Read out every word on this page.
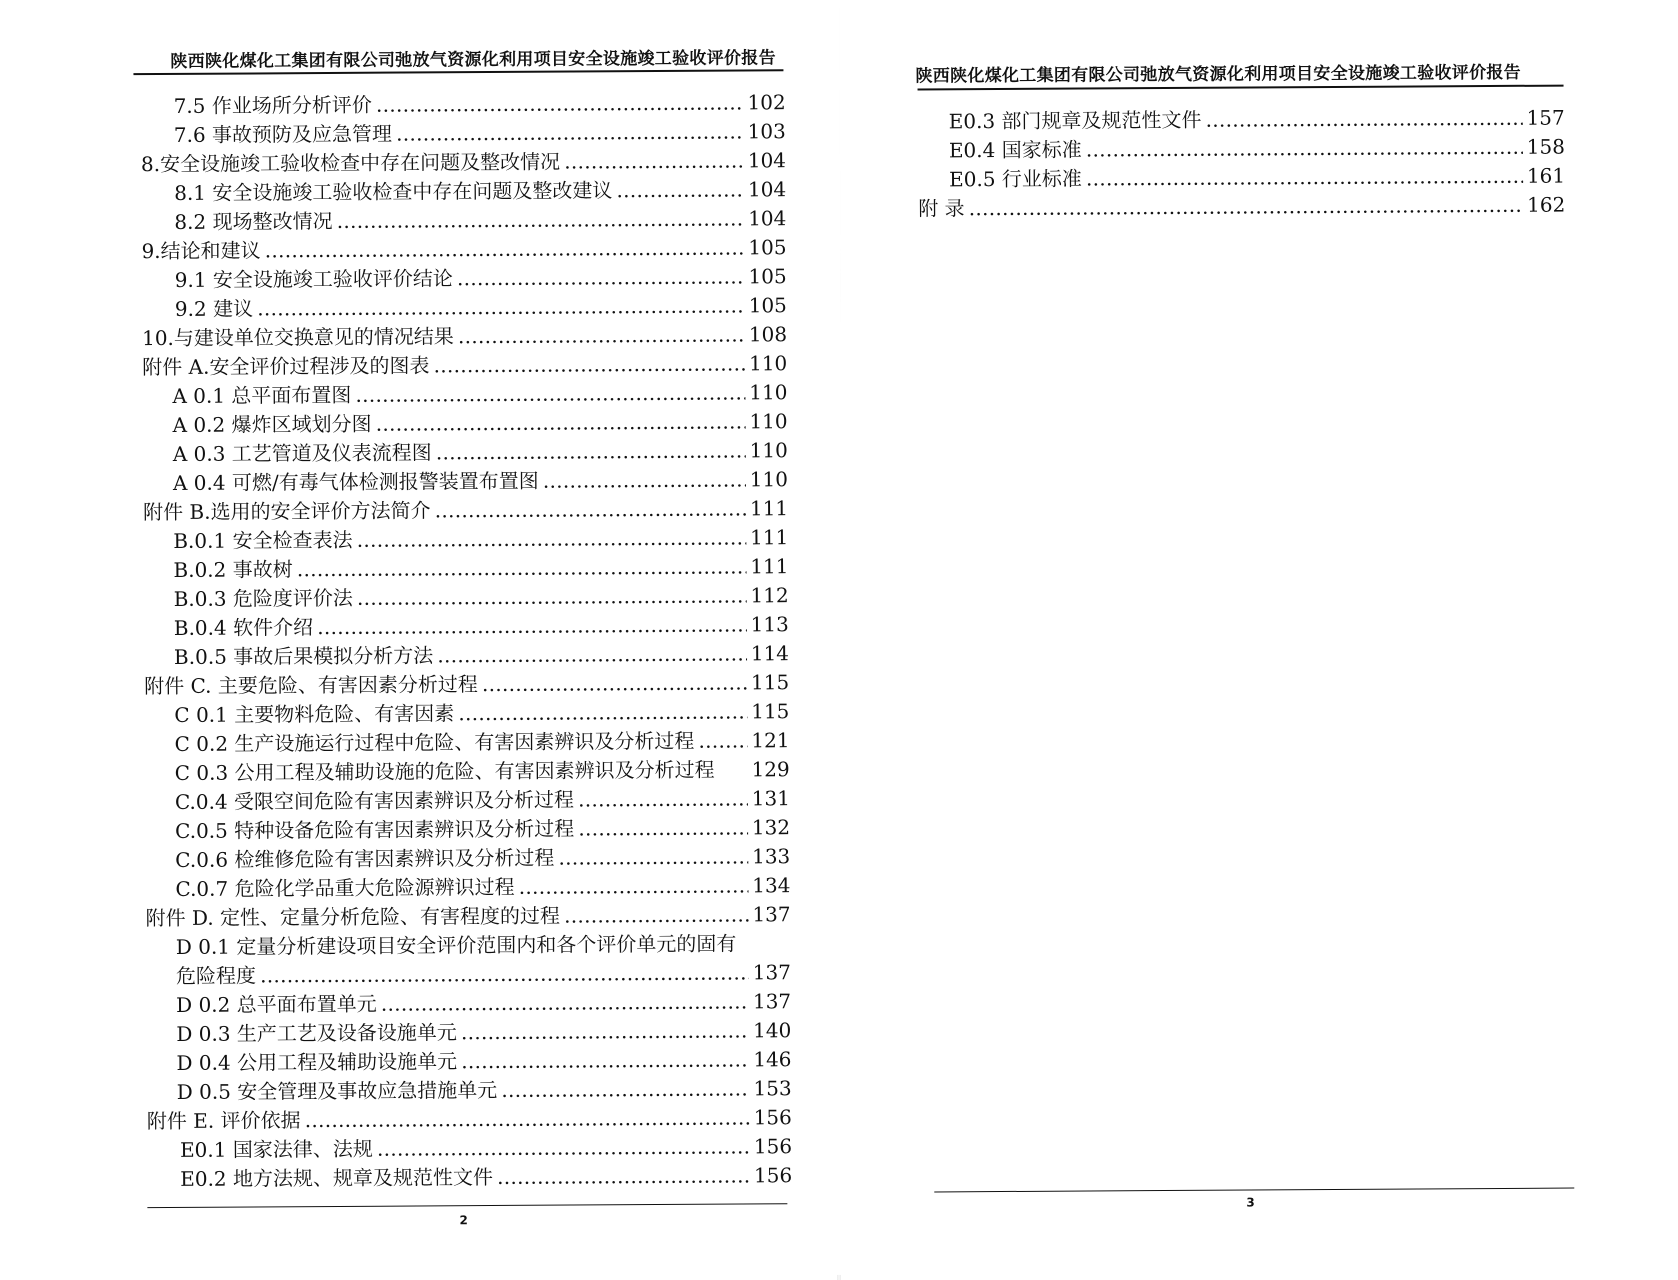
陕西陕化煤化工集团有限公司弛放气资源化利用项目安全设施竣工验收评价报告
7.5 作业场所分析评价 …………………………………………………………………………………………………………………………………………………………………………	102
7.6 事故预防及应急管理 …………………………………………………………………………………………………………………………………………………………………………	103
8.安全设施竣工验收检查中存在问题及整改情况 …………………………………………………………………………………………………………………………………………………………………………	104
8.1 安全设施竣工验收检查中存在问题及整改建议 …………………………………………………………………………………………………………………………………………………………………………	104
8.2 现场整改情况 …………………………………………………………………………………………………………………………………………………………………………	104
9.结论和建议 …………………………………………………………………………………………………………………………………………………………………………	105
9.1 安全设施竣工验收评价结论 …………………………………………………………………………………………………………………………………………………………………………	105
9.2 建议 …………………………………………………………………………………………………………………………………………………………………………	105
10.与建设单位交换意见的情况结果 …………………………………………………………………………………………………………………………………………………………………………	108
附件 A.安全评价过程涉及的图表 …………………………………………………………………………………………………………………………………………………………………………	110
A 0.1 总平面布置图 …………………………………………………………………………………………………………………………………………………………………………	110
A 0.2 爆炸区域划分图 …………………………………………………………………………………………………………………………………………………………………………	110
A 0.3 工艺管道及仪表流程图 …………………………………………………………………………………………………………………………………………………………………………	110
A 0.4 可燃/有毒气体检测报警装置布置图 …………………………………………………………………………………………………………………………………………………………………………	110
附件 B.选用的安全评价方法简介 …………………………………………………………………………………………………………………………………………………………………………	111
B.0.1 安全检查表法 …………………………………………………………………………………………………………………………………………………………………………	111
B.0.2 事故树 …………………………………………………………………………………………………………………………………………………………………………	111
B.0.3 危险度评价法 …………………………………………………………………………………………………………………………………………………………………………	112
B.0.4 软件介绍 …………………………………………………………………………………………………………………………………………………………………………	113
B.0.5 事故后果模拟分析方法 …………………………………………………………………………………………………………………………………………………………………………	114
附件 C. 主要危险、有害因素分析过程 …………………………………………………………………………………………………………………………………………………………………………	115
C 0.1 主要物料危险、有害因素 …………………………………………………………………………………………………………………………………………………………………………	115
C 0.2 生产设施运行过程中危险、有害因素辨识及分析过程 …………………………………………………………………………………………………………………………………………………………………………	121
C 0.3 公用工程及辅助设施的危险、有害因素辨识及分析过程 129
C.0.4 受限空间危险有害因素辨识及分析过程 …………………………………………………………………………………………………………………………………………………………………………	131
C.0.5 特种设备危险有害因素辨识及分析过程 …………………………………………………………………………………………………………………………………………………………………………	132
C.0.6 检维修危险有害因素辨识及分析过程 …………………………………………………………………………………………………………………………………………………………………………	133
C.0.7 危险化学品重大危险源辨识过程 …………………………………………………………………………………………………………………………………………………………………………	134
附件 D. 定性、定量分析危险、有害程度的过程 …………………………………………………………………………………………………………………………………………………………………………	137
D 0.1 定量分析建设项目安全评价范围内和各个评价单元的固有
危险程度 …………………………………………………………………………………………………………………………………………………………………………	137
D 0.2 总平面布置单元 …………………………………………………………………………………………………………………………………………………………………………	137
D 0.3 生产工艺及设备设施单元 …………………………………………………………………………………………………………………………………………………………………………	140
D 0.4 公用工程及辅助设施单元 …………………………………………………………………………………………………………………………………………………………………………	146
D 0.5 安全管理及事故应急措施单元 …………………………………………………………………………………………………………………………………………………………………………	153
附件 E. 评价依据 …………………………………………………………………………………………………………………………………………………………………………	156
E0.1 国家法律、法规 …………………………………………………………………………………………………………………………………………………………………………	156
E0.2 地方法规、规章及规范性文件 …………………………………………………………………………………………………………………………………………………………………………	156
2
陕西陕化煤化工集团有限公司弛放气资源化利用项目安全设施竣工验收评价报告
E0.3 部门规章及规范性文件 …………………………………………………………………………………………………………………………………………………………………………	157
E0.4 国家标准 …………………………………………………………………………………………………………………………………………………………………………	158
E0.5 行业标准 …………………………………………………………………………………………………………………………………………………………………………	161
附 录 …………………………………………………………………………………………………………………………………………………………………………	162
3
